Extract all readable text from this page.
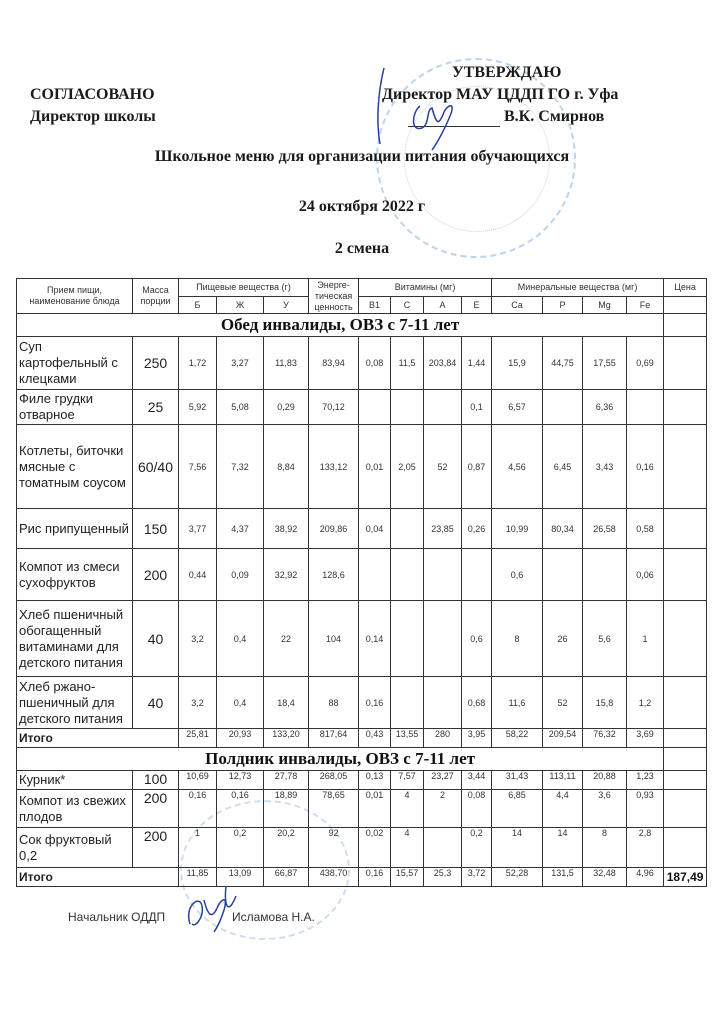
СОГЛАСОВАНО
Директор школы
УТВЕРЖДАЮ
Директор МАУ ЦДДП ГО г. Уфа
В.К. Смирнов
Школьное меню для организации питания обучающихся
24 октября 2022 г
2 смена
Прием пищи, наименование блюда	Масса порции	Пищевые вещества (г)			Энерге-тическая ценность	Витамины (мг)				Минеральные вещества (мг)				Цена
		Б	Ж	У		B1	C	A	E	Ca	P	Mg	Fe	
Обед инвалиды, ОВЗ с 7-11 лет														
Суп картофельный с клецками	250	1,72	3,27	11,83	83,94	0,08	11,5	203,84	1,44	15,9	44,75	17,55	0,69	
Филе грудки отварное	25	5,92	5,08	0,29	70,12				0,1	6,57		6,36		
Котлеты, биточки мясные с томатным соусом	60/40	7,56	7,32	8,84	133,12	0,01	2,05	52	0,87	4,56	6,45	3,43	0,16	
Рис припущенный	150	3,77	4,37	38,92	209,86	0,04		23,85	0,26	10,99	80,34	26,58	0,58	
Компот из смеси сухофруктов	200	0,44	0,09	32,92	128,6					0,6			0,06	
Хлеб пшеничный обогащенный витаминами для детского питания	40	3,2	0,4	22	104	0,14			0,6	8	26	5,6	1	
Хлеб ржано-пшеничный для детского питания	40	3,2	0,4	18,4	88	0,16			0,68	11,6	52	15,8	1,2	
Итого		25,81	20,93	133,20	817,64	0,43	13,55	280	3,95	58,22	209,54	76,32	3,69	
Полдник инвалиды, ОВЗ с 7-11 лет														
Курник*	100	10,69	12,73	27,78	268,05	0,13	7,57	23,27	3,44	31,43	113,11	20,88	1,23	
Компот из свежих плодов	200	0,16	0,16	18,89	78,65	0,01	4	2	0,08	6,85	4,4	3,6	0,93	
Сок фруктовый 0,2	200	1	0,2	20,2	92	0,02	4		0,2	14	14	8	2,8	
Итого		11,85	13,09	66,87	438,70	0,16	15,57	25,3	3,72	52,28	131,5	32,48	4,96	187,49
Начальник ОДДП	Исламова Н.А.
